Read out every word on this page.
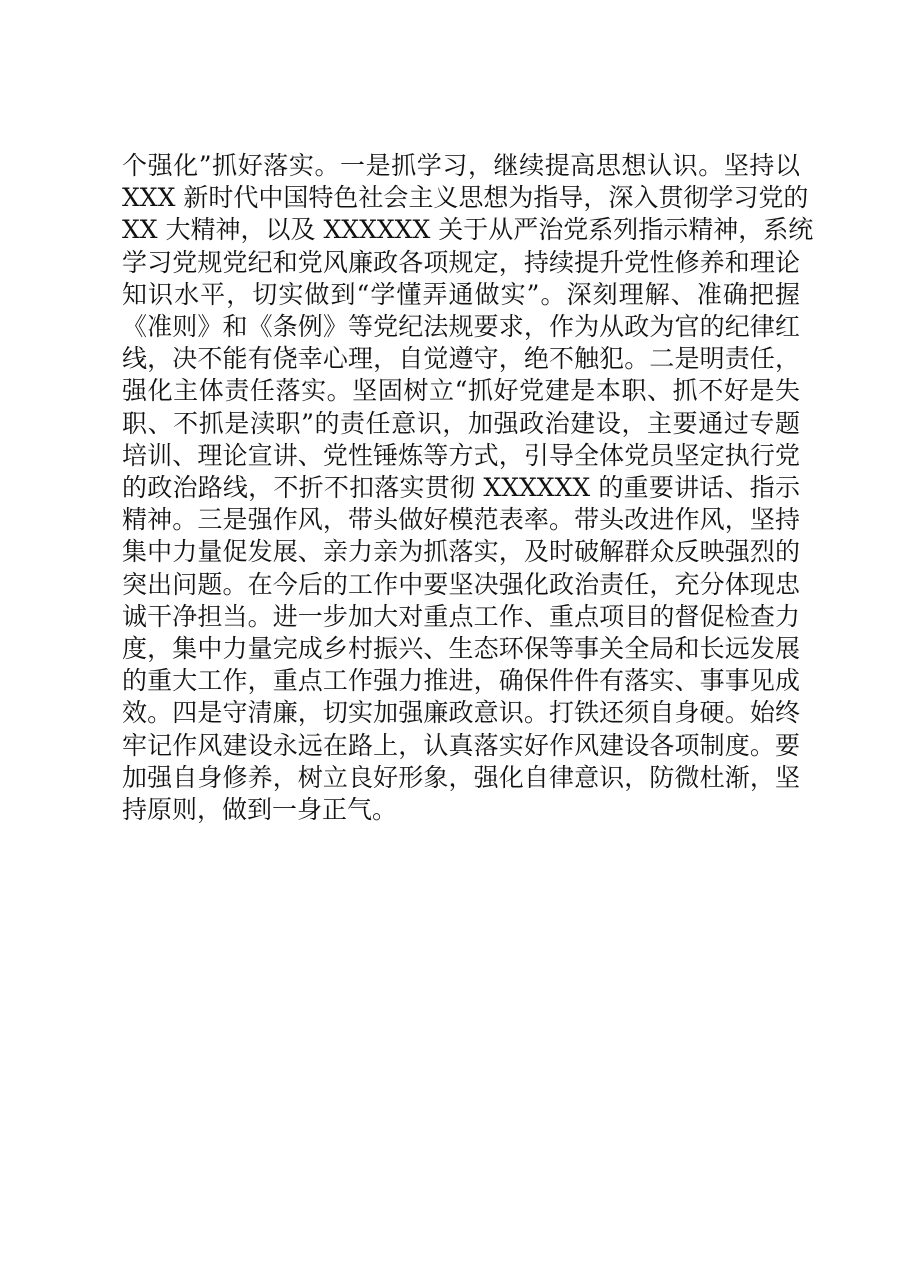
个强化”抓好落实。一是抓学习，继续提高思想认识。坚持以
XXX 新时代中国特色社会主义思想为指导，深入贯彻学习党的
XX 大精神，以及 XXXXXX 关于从严治党系列指示精神，系统
学习党规党纪和党风廉政各项规定，持续提升党性修养和理论
知识水平，切实做到“学懂弄通做实”。深刻理解、准确把握
《准则》和《条例》等党纪法规要求，作为从政为官的纪律红
线，决不能有侥幸心理，自觉遵守，绝不触犯。二是明责任，
强化主体责任落实。坚固树立“抓好党建是本职、抓不好是失
职、不抓是渎职”的责任意识，加强政治建设，主要通过专题
培训、理论宣讲、党性锤炼等方式，引导全体党员坚定执行党
的政治路线，不折不扣落实贯彻 XXXXXX 的重要讲话、指示
精神。三是强作风，带头做好模范表率。带头改进作风，坚持
集中力量促发展、亲力亲为抓落实，及时破解群众反映强烈的
突出问题。在今后的工作中要坚决强化政治责任，充分体现忠
诚干净担当。进一步加大对重点工作、重点项目的督促检查力
度，集中力量完成乡村振兴、生态环保等事关全局和长远发展
的重大工作，重点工作强力推进，确保件件有落实、事事见成
效。四是守清廉，切实加强廉政意识。打铁还须自身硬。始终
牢记作风建设永远在路上，认真落实好作风建设各项制度。要
加强自身修养，树立良好形象，强化自律意识，防微杜渐，坚
持原则，做到一身正气。
